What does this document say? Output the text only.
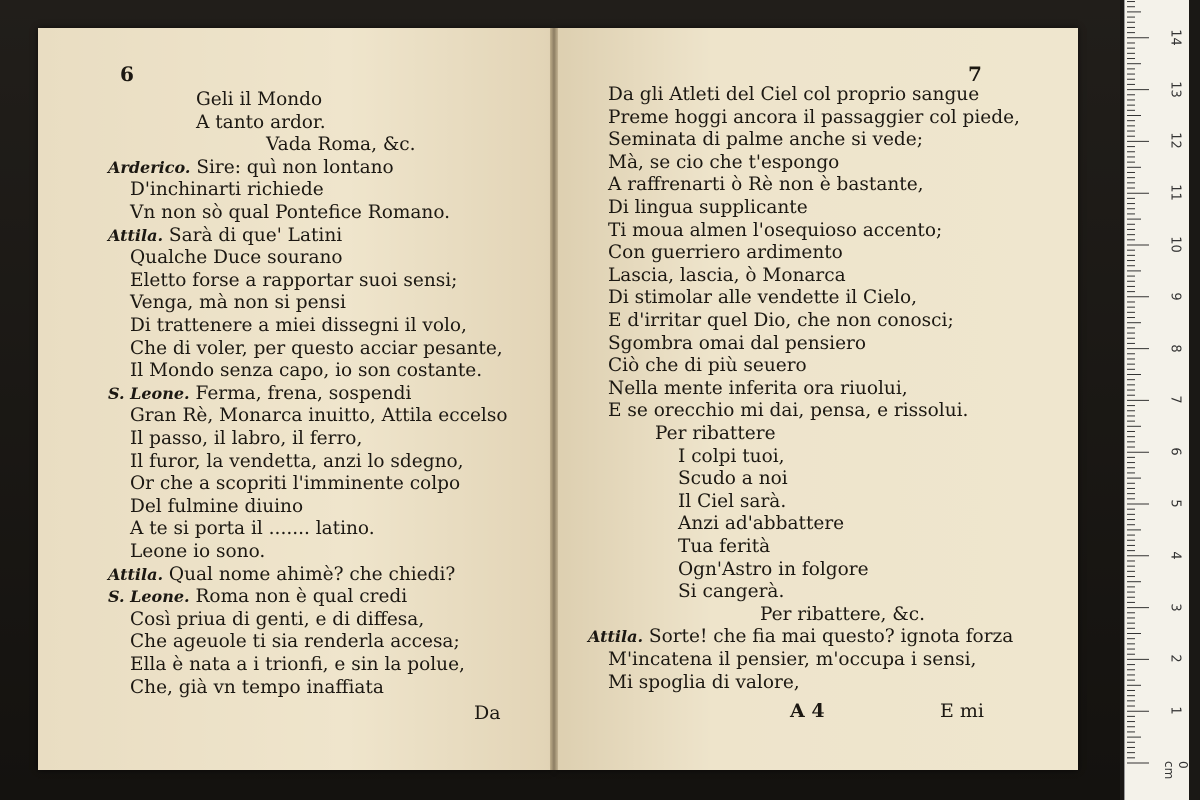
6	7
Geli il Mondo
A tanto ardor.
Vada Roma, &c.
Arderico. Sire: quì non lontano
D'inchinarti richiede
Vn non sò qual Pontefice Romano.
Attila. Sarà di que' Latini
Qualche Duce sourano
Eletto forse a rapportar suoi sensi;
Venga, mà non si pensi
Di trattenere a miei dissegni il volo,
Che di voler, per questo acciar pesante,
Il Mondo senza capo, io son costante.
S. Leone. Ferma, frena, sospendi
Gran Rè, Monarca inuitto, Attila eccelso
Il passo, il labro, il ferro,
Il furor, la vendetta, anzi lo sdegno,
Or che a scopriti l'imminente colpo
Del fulmine diuino
A te si porta il ....... latino.
Leone io sono.
Attila. Qual nome ahimè? che chiedi?
S. Leone. Roma non è qual credi
Così priua di genti, e di diffesa,
Che ageuole ti sia renderla accesa;
Ella è nata a i trionfi, e sin la polue,
Che, già vn tempo inaffiata
Da gli Atleti del Ciel col proprio sangue
Preme hoggi ancora il passaggier col piede,
Seminata di palme anche si vede;
Mà, se cio che t'espongo
A raffrenarti ò Rè non è bastante,
Di lingua supplicante
Ti moua almen l'osequioso accento;
Con guerriero ardimento
Lascia, lascia, ò Monarca
Di stimolar alle vendette il Cielo,
E d'irritar quel Dio, che non conosci;
Sgombra omai dal pensiero
Ciò che di più seuero
Nella mente inferita ora riuolui,
E se orecchio mi dai, pensa, e rissolui.
Per ribattere
I colpi tuoi,
Scudo a noi
Il Ciel sarà.
Anzi ad'abbattere
Tua ferità
Ogn'Astro in folgore
Si cangerà.
Per ribattere, &c.
Attila. Sorte! che fia mai questo? ignota forza
M'incatena il pensier, m'occupa i sensi,
Mi spoglia di valore,
Da	A 4	E mi
14
13
12
11
10
9
8
7
6
5
4
3
2
1
0 cm
